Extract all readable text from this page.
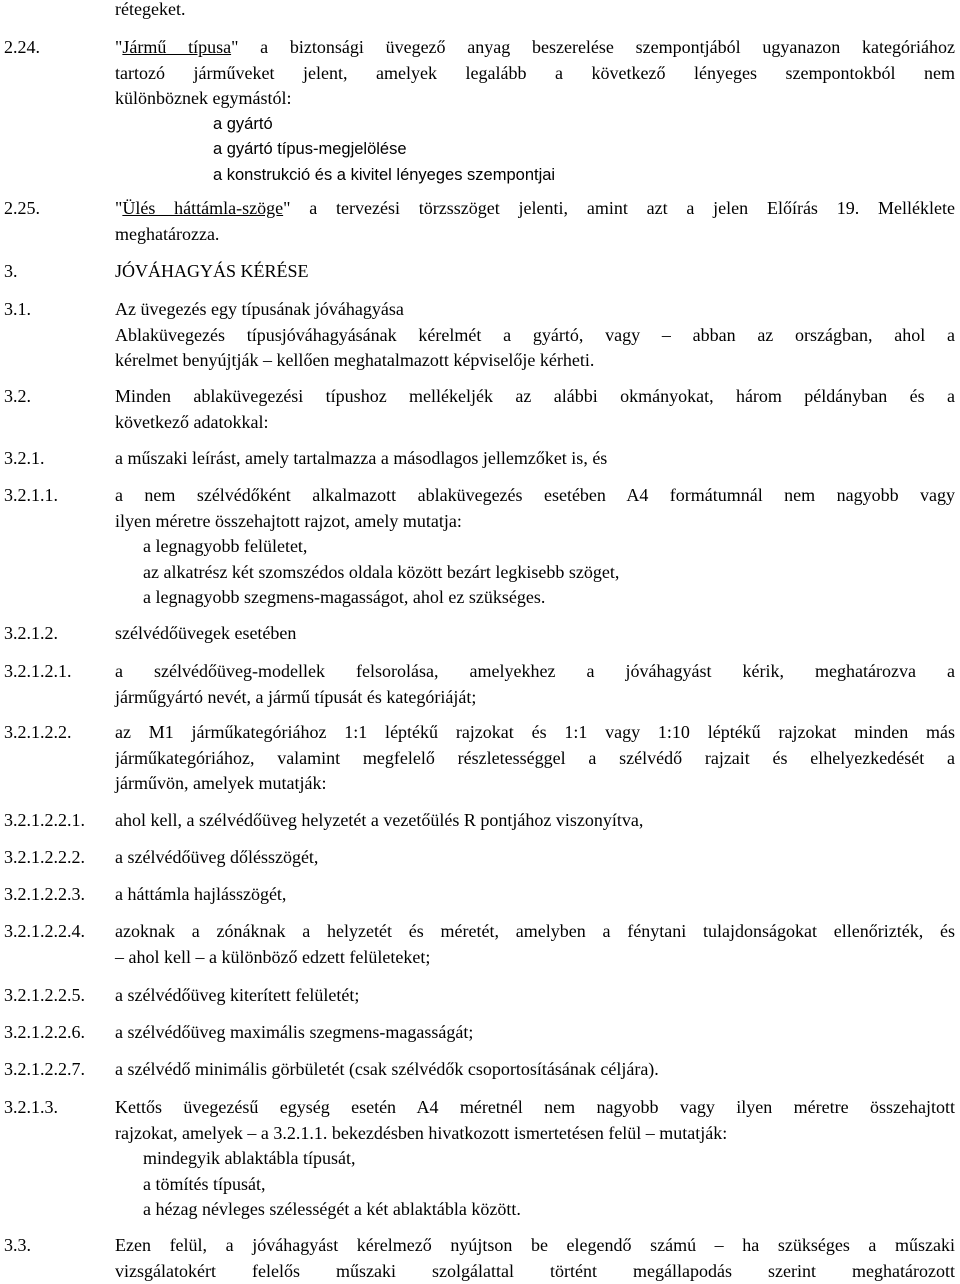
rétegeket.
2.24.	"Jármű típusa" a biztonsági üvegező anyag beszerelése szempontjából ugyanazon kategóriához
tartozó járműveket jelent, amelyek legalább a következő lényeges szempontokból nem
különböznek egymástól:
a gyártó
a gyártó típus-megjelölése
a konstrukció és a kivitel lényeges szempontjai
2.25.	"Ülés háttámla-szöge" a tervezési törzsszöget jelenti, amint azt a jelen Előírás 19. Melléklete
meghatározza.
3.	JÓVÁHAGYÁS KÉRÉSE
3.1.	Az üvegezés egy típusának jóváhagyása
Ablaküvegezés típusjóváhagyásának kérelmét a gyártó, vagy – abban az országban, ahol a
kérelmet benyújtják – kellően meghatalmazott képviselője kérheti.
3.2.	Minden ablaküvegezési típushoz mellékeljék az alábbi okmányokat, három példányban és a
következő adatokkal:
3.2.1.	a műszaki leírást, amely tartalmazza a másodlagos jellemzőket is, és
3.2.1.1.	a nem szélvédőként alkalmazott ablaküvegezés esetében A4 formátumnál nem nagyobb vagy
ilyen méretre összehajtott rajzot, amely mutatja:
a legnagyobb felületet,
az alkatrész két szomszédos oldala között bezárt legkisebb szöget,
a legnagyobb szegmens-magasságot, ahol ez szükséges.
3.2.1.2.	szélvédőüvegek esetében
3.2.1.2.1. a szélvédőüveg-modellek felsorolása, amelyekhez a jóváhagyást kérik, meghatározva a
járműgyártó nevét, a jármű típusát és kategóriáját;
3.2.1.2.2. az M1 járműkategóriához 1:1 léptékű rajzokat és 1:1 vagy 1:10 léptékű rajzokat minden más
járműkategóriához, valamint megfelelő részletességgel a szélvédő rajzait és elhelyezkedését a
járművön, amelyek mutatják:
3.2.1.2.2.1. ahol kell, a szélvédőüveg helyzetét a vezetőülés R pontjához viszonyítva,
3.2.1.2.2.2. a szélvédőüveg dőlésszögét,
3.2.1.2.2.3. a háttámla hajlásszögét,
3.2.1.2.2.4. azoknak a zónáknak a helyzetét és méretét, amelyben a fénytani tulajdonságokat ellenőrizték, és
– ahol kell – a különböző edzett felületeket;
3.2.1.2.2.5. a szélvédőüveg kiterített felületét;
3.2.1.2.2.6. a szélvédőüveg maximális szegmens-magasságát;
3.2.1.2.2.7. a szélvédő minimális görbületét (csak szélvédők csoportosításának céljára).
3.2.1.3.	Kettős üvegezésű egység esetén A4 méretnél nem nagyobb vagy ilyen méretre összehajtott
rajzokat, amelyek – a 3.2.1.1. bekezdésben hivatkozott ismertetésen felül – mutatják:
mindegyik ablaktábla típusát,
a tömítés típusát,
a hézag névleges szélességét a két ablaktábla között.
3.3.	Ezen felül, a jóváhagyást kérelmező nyújtson be elegendő számú – ha szükséges a műszaki
vizsgálatokért felelős műszaki szolgálattal történt megállapodás szerint meghatározott
